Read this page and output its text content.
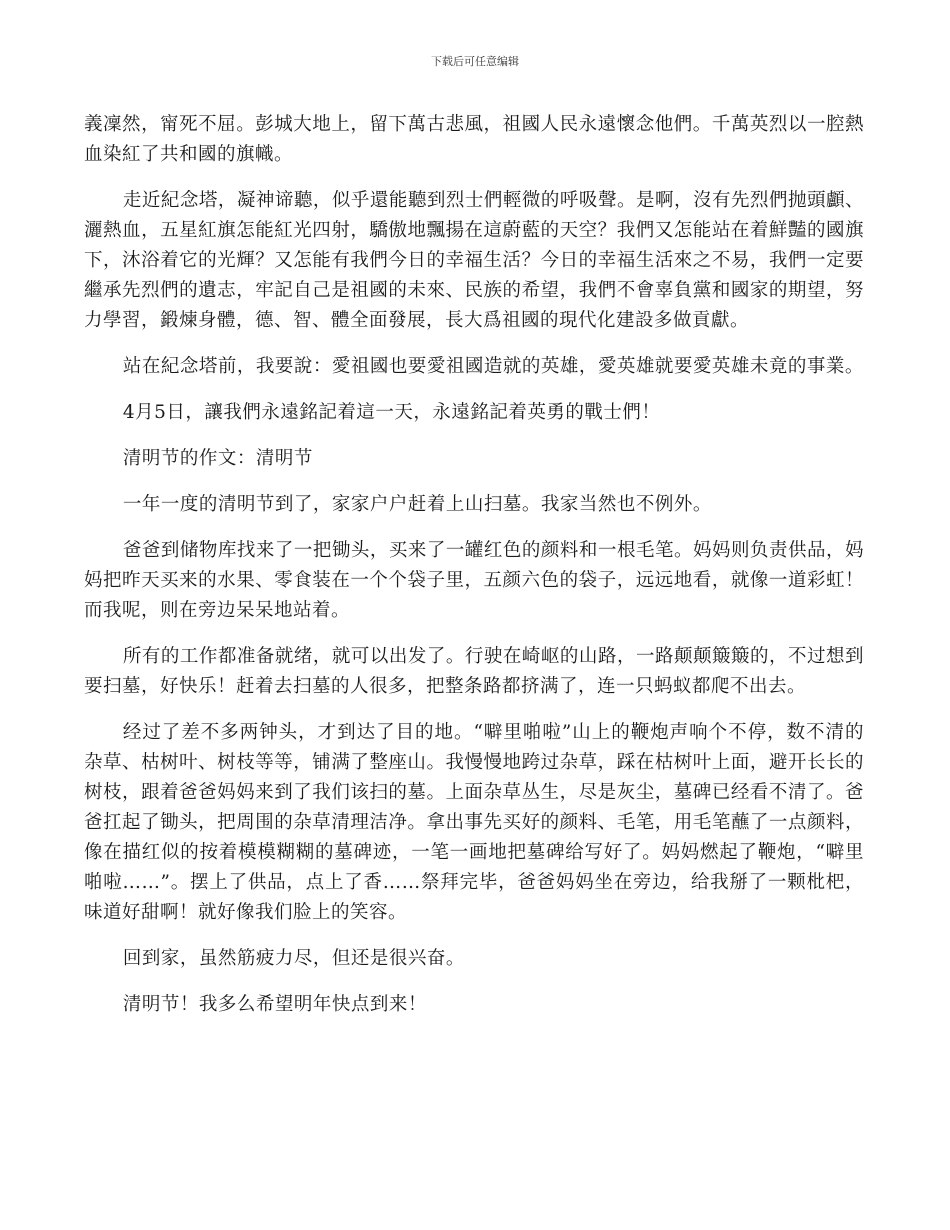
下载后可任意编辑

義凜然，甯死不屈。彭城大地上，留下萬古悲風，祖國人民永遠懷念他們。千萬英烈以一腔熱血染紅了共和國的旗幟。

走近紀念塔，凝神谛聽，似乎還能聽到烈士們輕微的呼吸聲。是啊，沒有先烈們抛頭顱、灑熱血，五星紅旗怎能紅光四射，驕傲地飄揚在這蔚藍的天空？我們又怎能站在着鮮豔的國旗下，沐浴着它的光輝？又怎能有我們今日的幸福生活？今日的幸福生活來之不易，我們一定要繼承先烈們的遺志，牢記自己是祖國的未來、民族的希望，我們不會辜負黨和國家的期望，努力學習，鍛煉身體，德、智、體全面發展，長大爲祖國的現代化建設多做貢獻。

站在紀念塔前，我要說：愛祖國也要愛祖國造就的英雄，愛英雄就要愛英雄未竟的事業。

4月5日，讓我們永遠銘記着這一天，永遠銘記着英勇的戰士們！

清明节的作文：清明节

一年一度的清明节到了，家家户户赶着上山扫墓。我家当然也不例外。

爸爸到储物库找来了一把锄头，买来了一罐红色的颜料和一根毛笔。妈妈则负责供品，妈妈把昨天买来的水果、零食装在一个个袋子里，五颜六色的袋子，远远地看，就像一道彩虹！而我呢，则在旁边呆呆地站着。

所有的工作都准备就绪，就可以出发了。行驶在崎岖的山路，一路颠颠簸簸的，不过想到要扫墓，好快乐！赶着去扫墓的人很多，把整条路都挤满了，连一只蚂蚁都爬不出去。

经过了差不多两钟头，才到达了目的地。“噼里啪啦”山上的鞭炮声响个不停，数不清的杂草、枯树叶、树枝等等，铺满了整座山。我慢慢地跨过杂草，踩在枯树叶上面，避开长长的树枝，跟着爸爸妈妈来到了我们该扫的墓。上面杂草丛生，尽是灰尘，墓碑已经看不清了。爸爸扛起了锄头，把周围的杂草清理洁净。拿出事先买好的颜料、毛笔，用毛笔蘸了一点颜料，像在描红似的按着模模糊糊的墓碑迹，一笔一画地把墓碑给写好了。妈妈燃起了鞭炮，“噼里啪啦……”。摆上了供品，点上了香……祭拜完毕，爸爸妈妈坐在旁边，给我掰了一颗枇杷，味道好甜啊！就好像我们脸上的笑容。

回到家，虽然筋疲力尽，但还是很兴奋。

清明节！我多么希望明年快点到来！
